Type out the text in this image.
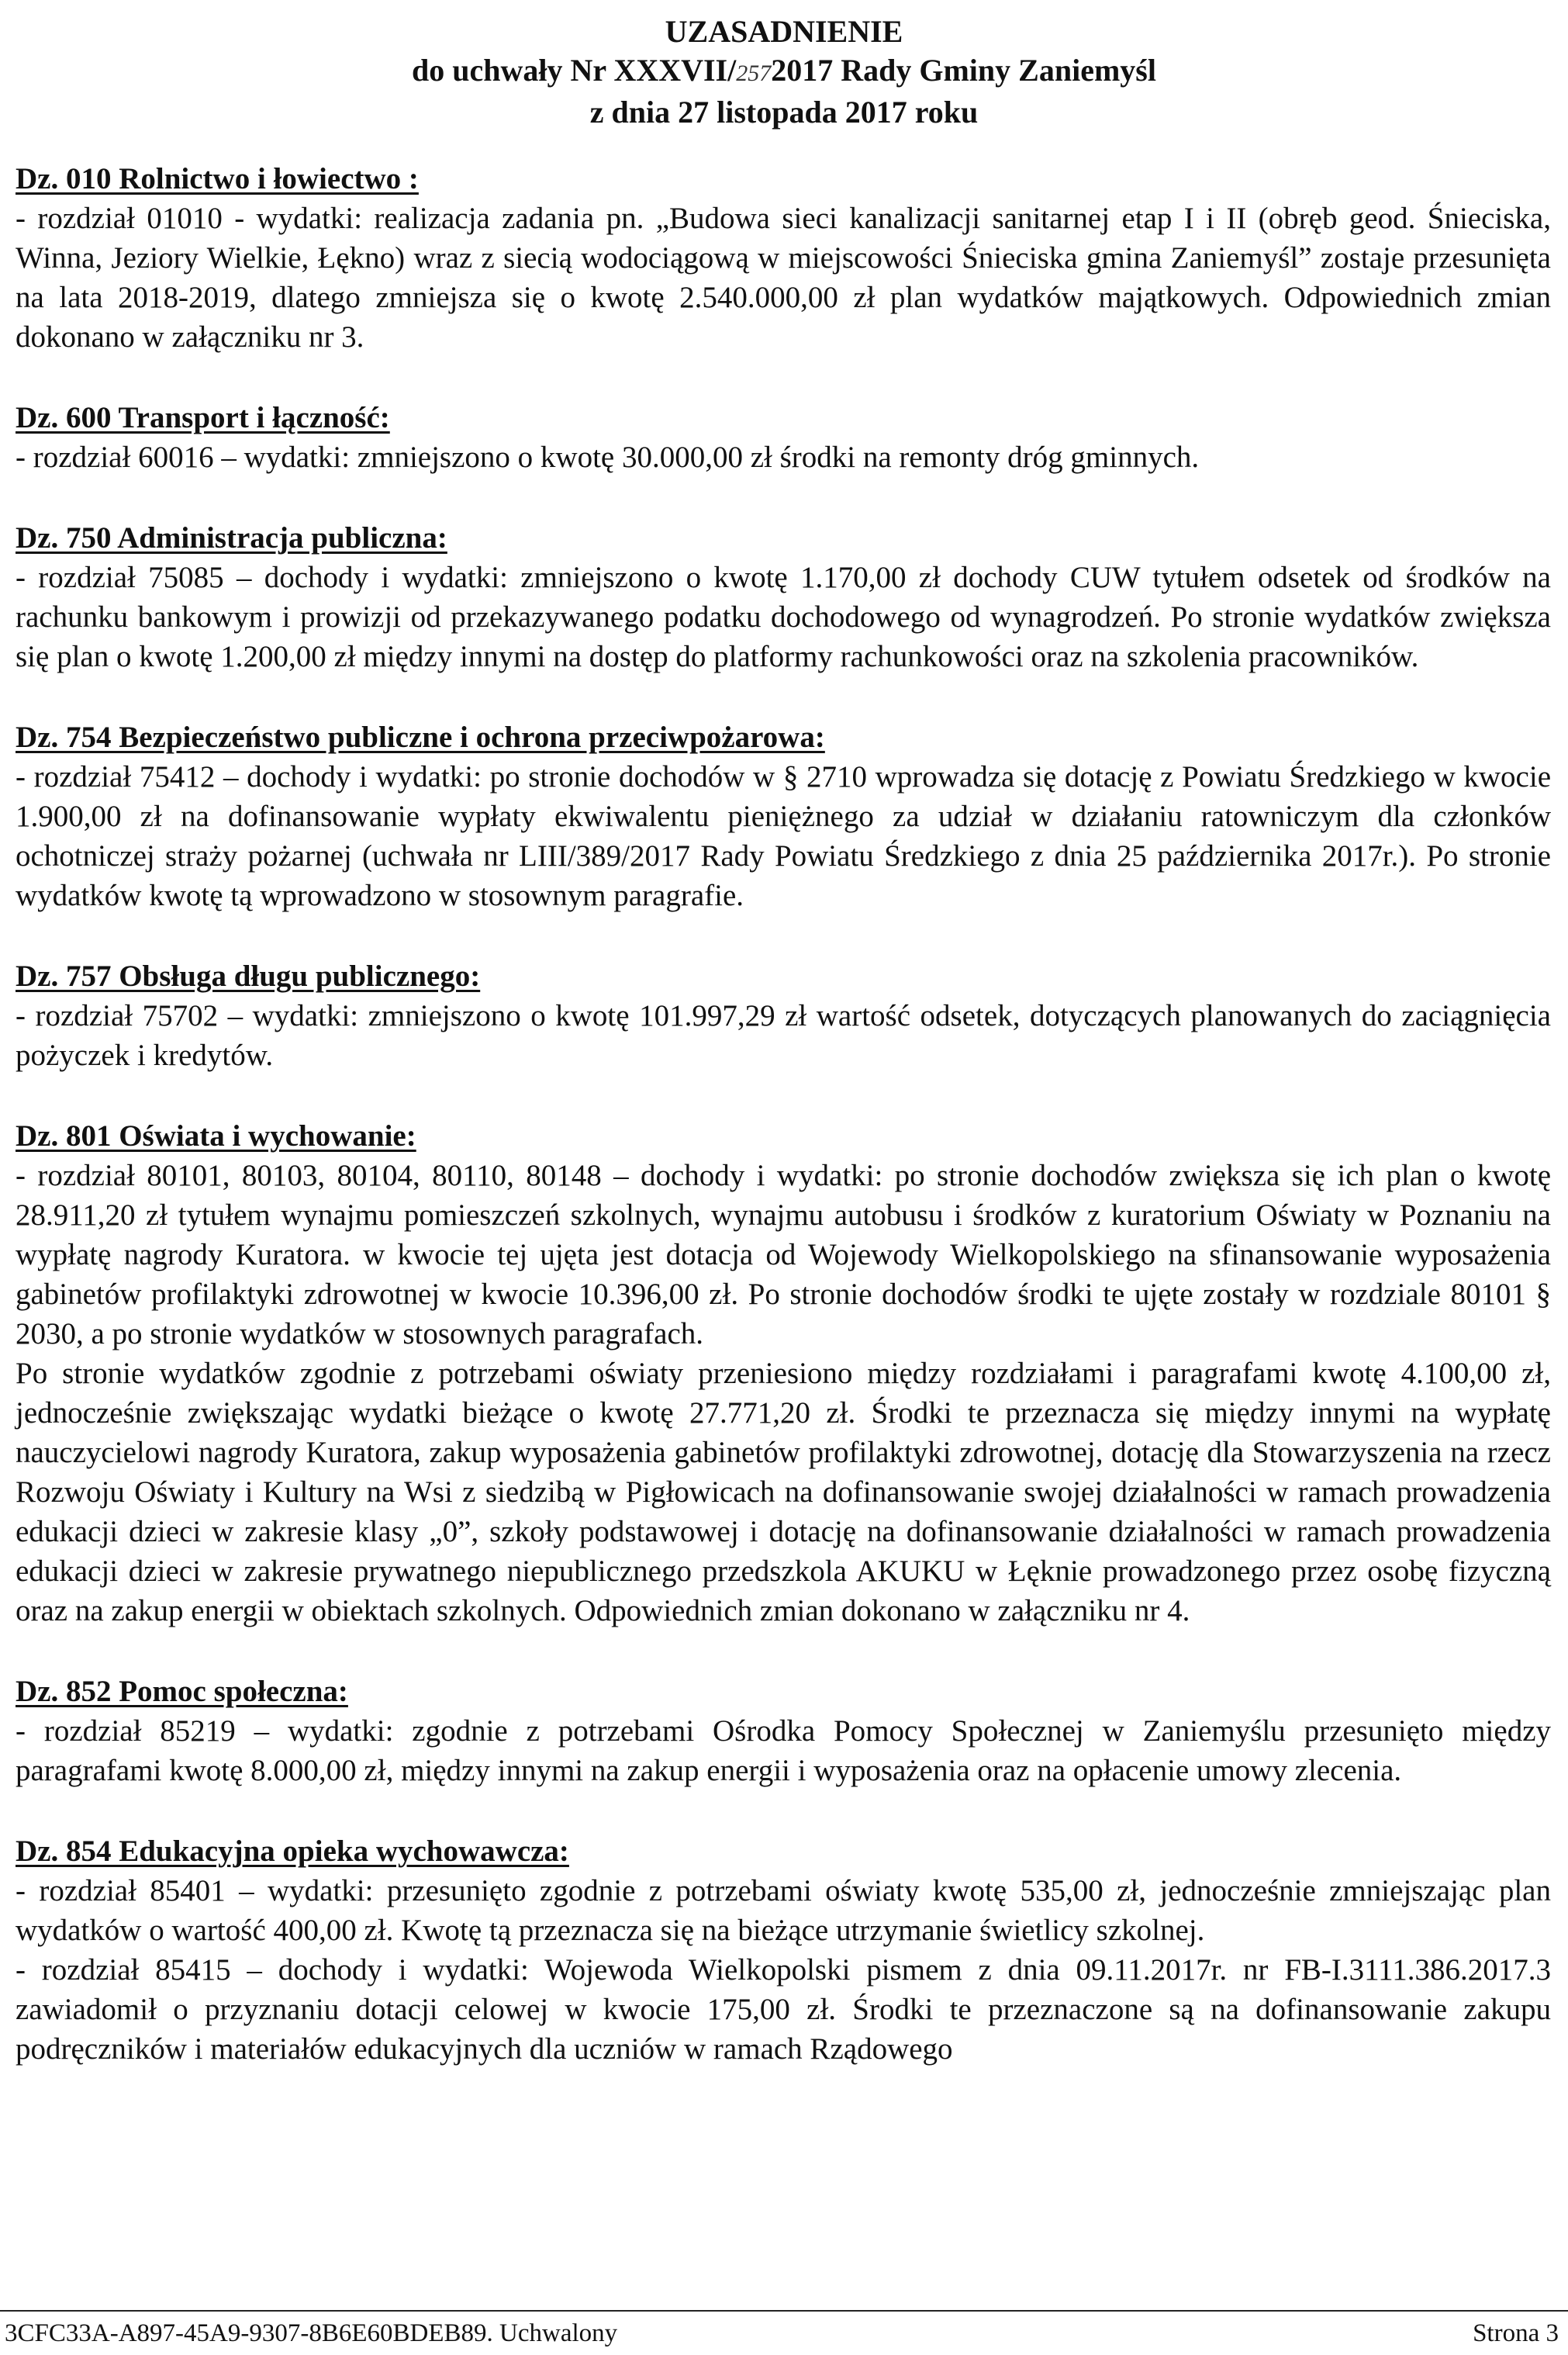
UZASADNIENIE
do uchwały Nr XXXVII/2572017 Rady Gminy Zaniemyśl
z dnia 27 listopada 2017 roku
Dz. 010 Rolnictwo i łowiectwo :

- rozdział 01010 - wydatki: realizacja zadania pn. „Budowa sieci kanalizacji sanitarnej etap I i II (obręb geod. Śnieciska, Winna, Jeziory Wielkie, Łękno) wraz z siecią wodociągową w miejscowości Śnieciska gmina Zaniemyśl” zostaje przesunięta na lata 2018-2019, dlatego zmniejsza się o kwotę 2.540.000,00 zł plan wydatków majątkowych. Odpowiednich zmian dokonano w załączniku nr 3.

Dz. 600 Transport i łączność:

- rozdział 60016 – wydatki: zmniejszono o kwotę 30.000,00 zł środki na remonty dróg gminnych.

Dz. 750 Administracja publiczna:

- rozdział 75085 – dochody i wydatki: zmniejszono o kwotę 1.170,00 zł dochody CUW tytułem odsetek od środków na rachunku bankowym i prowizji od przekazywanego podatku dochodowego od wynagrodzeń. Po stronie wydatków zwiększa się plan o kwotę 1.200,00 zł między innymi na dostęp do platformy rachunkowości oraz na szkolenia pracowników.

Dz. 754 Bezpieczeństwo publiczne i ochrona przeciwpożarowa:

- rozdział 75412 – dochody i wydatki: po stronie dochodów w § 2710 wprowadza się dotację z Powiatu Średzkiego w kwocie 1.900,00 zł na dofinansowanie wypłaty ekwiwalentu pieniężnego za udział w działaniu ratowniczym dla członków ochotniczej straży pożarnej (uchwała nr LIII/389/2017 Rady Powiatu Średzkiego z dnia 25 października 2017r.). Po stronie wydatków kwotę tą wprowadzono w stosownym paragrafie.

Dz. 757 Obsługa długu publicznego:

- rozdział 75702 – wydatki: zmniejszono o kwotę 101.997,29 zł wartość odsetek, dotyczących planowanych do zaciągnięcia pożyczek i kredytów.

Dz. 801 Oświata i wychowanie:

- rozdział 80101, 80103, 80104, 80110, 80148 – dochody i wydatki: po stronie dochodów zwiększa się ich plan o kwotę 28.911,20 zł tytułem wynajmu pomieszczeń szkolnych, wynajmu autobusu i środków z kuratorium Oświaty w Poznaniu na wypłatę nagrody Kuratora. w kwocie tej ujęta jest dotacja od Wojewody Wielkopolskiego na sfinansowanie wyposażenia gabinetów profilaktyki zdrowotnej w kwocie 10.396,00 zł. Po stronie dochodów środki te ujęte zostały w rozdziale 80101 § 2030, a po stronie wydatków w stosownych paragrafach.

Po stronie wydatków zgodnie z potrzebami oświaty przeniesiono między rozdziałami i paragrafami kwotę 4.100,00 zł, jednocześnie zwiększając wydatki bieżące o kwotę 27.771,20 zł. Środki te przeznacza się między innymi na wypłatę nauczycielowi nagrody Kuratora, zakup wyposażenia gabinetów profilaktyki zdrowotnej, dotację dla Stowarzyszenia na rzecz Rozwoju Oświaty i Kultury na Wsi z siedzibą w Pigłowicach na dofinansowanie swojej działalności w ramach prowadzenia edukacji dzieci w zakresie klasy „0”, szkoły podstawowej i dotację na dofinansowanie działalności w ramach prowadzenia edukacji dzieci w zakresie prywatnego niepublicznego przedszkola AKUKU w Łęknie prowadzonego przez osobę fizyczną oraz na zakup energii w obiektach szkolnych. Odpowiednich zmian dokonano w załączniku nr 4.

Dz. 852 Pomoc społeczna:

- rozdział 85219 – wydatki: zgodnie z potrzebami Ośrodka Pomocy Społecznej w Zaniemyślu przesunięto między paragrafami kwotę 8.000,00 zł, między innymi na zakup energii i wyposażenia oraz na opłacenie umowy zlecenia.

Dz. 854 Edukacyjna opieka wychowawcza:

- rozdział 85401 – wydatki: przesunięto zgodnie z potrzebami oświaty kwotę 535,00 zł, jednocześnie zmniejszając plan wydatków o wartość 400,00 zł. Kwotę tą przeznacza się na bieżące utrzymanie świetlicy szkolnej.

- rozdział 85415 – dochody i wydatki: Wojewoda Wielkopolski pismem z dnia 09.11.2017r. nr FB-I.3111.386.2017.3 zawiadomił o przyznaniu dotacji celowej w kwocie 175,00 zł. Środki te przeznaczone są na dofinansowanie zakupu podręczników i materiałów edukacyjnych dla uczniów w ramach Rządowego

3CFC33A-A897-45A9-9307-8B6E60BDEB89. Uchwalony	Strona 3
